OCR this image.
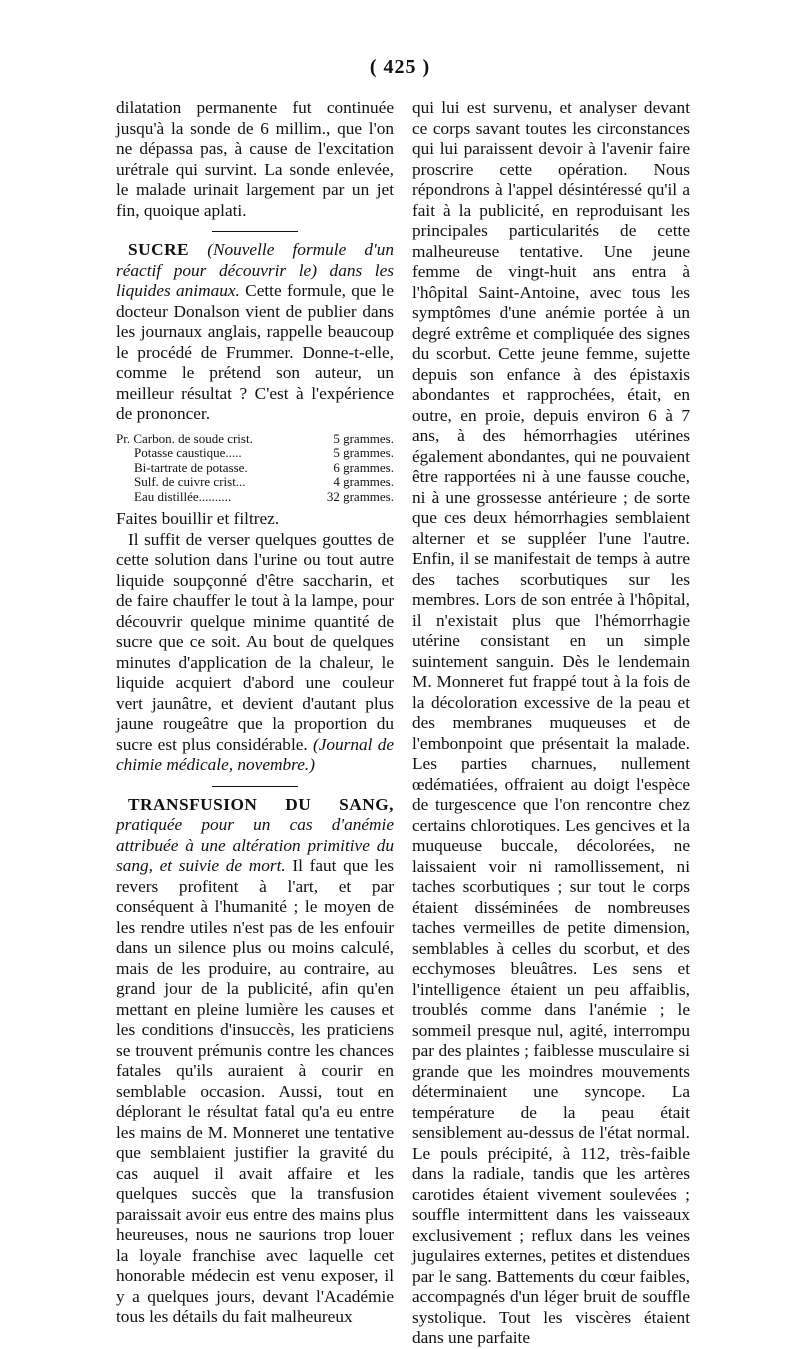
( 425 )

dilatation permanente fut continuée jusqu'à la sonde de 6 millim., que l'on ne dépassa pas, à cause de l'excitation urétrale qui survint. La sonde enlevée, le malade urinait largement par un jet fin, quoique aplati.

SUCRE (Nouvelle formule d'un réactif pour découvrir le) dans les liquides animaux. Cette formule, que le docteur Donalson vient de publier dans les journaux anglais, rappelle beaucoup le procédé de Frummer. Donne-t-elle, comme le prétend son auteur, un meilleur résultat ? C'est à l'expérience de prononcer.

Pr. Carbon. de soude crist.	5 grammes.
Potasse caustique.....	5 grammes.
Bi-tartrate de potasse.	6 grammes.
Sulf. de cuivre crist...	4 grammes.
Eau distillée..........	32 grammes.

Faites bouillir et filtrez.

Il suffit de verser quelques gouttes de cette solution dans l'urine ou tout autre liquide soupçonné d'être saccharin, et de faire chauffer le tout à la lampe, pour découvrir quelque minime quantité de sucre que ce soit. Au bout de quelques minutes d'application de la chaleur, le liquide acquiert d'abord une couleur vert jaunâtre, et devient d'autant plus jaune rougeâtre que la proportion du sucre est plus considérable. (Journal de chimie médicale, novembre.)

TRANSFUSION DU SANG, pratiquée pour un cas d'anémie attribuée à une altération primitive du sang, et suivie de mort. Il faut que les revers profitent à l'art, et par conséquent à l'humanité ; le moyen de les rendre utiles n'est pas de les enfouir dans un silence plus ou moins calculé, mais de les produire, au contraire, au grand jour de la publicité, afin qu'en mettant en pleine lumière les causes et les conditions d'insuccès, les praticiens se trouvent prémunis contre les chances fatales qu'ils auraient à courir en semblable occasion. Aussi, tout en déplorant le résultat fatal qu'a eu entre les mains de M. Monneret une tentative que semblaient justifier la gravité du cas auquel il avait affaire et les quelques succès que la transfusion paraissait avoir eus entre des mains plus heureuses, nous ne saurions trop louer la loyale franchise avec laquelle cet honorable médecin est venu exposer, il y a quelques jours, devant l'Académie tous les détails du fait malheureux

qui lui est survenu, et analyser devant ce corps savant toutes les circonstances qui lui paraissent devoir à l'avenir faire proscrire cette opération. Nous répondrons à l'appel désintéressé qu'il a fait à la publicité, en reproduisant les principales particularités de cette malheureuse tentative. Une jeune femme de vingt-huit ans entra à l'hôpital Saint-Antoine, avec tous les symptômes d'une anémie portée à un degré extrême et compliquée des signes du scorbut. Cette jeune femme, sujette depuis son enfance à des épistaxis abondantes et rapprochées, était, en outre, en proie, depuis environ 6 à 7 ans, à des hémorrhagies utérines également abondantes, qui ne pouvaient être rapportées ni à une fausse couche, ni à une grossesse antérieure ; de sorte que ces deux hémorrhagies semblaient alterner et se suppléer l'une l'autre. Enfin, il se manifestait de temps à autre des taches scorbutiques sur les membres. Lors de son entrée à l'hôpital, il n'existait plus que l'hémorrhagie utérine consistant en un simple suintement sanguin. Dès le lendemain M. Monneret fut frappé tout à la fois de la décoloration excessive de la peau et des membranes muqueuses et de l'embonpoint que présentait la malade. Les parties charnues, nullement œdématiées, offraient au doigt l'espèce de turgescence que l'on rencontre chez certains chlorotiques. Les gencives et la muqueuse buccale, décolorées, ne laissaient voir ni ramollissement, ni taches scorbutiques ; sur tout le corps étaient disséminées de nombreuses taches vermeilles de petite dimension, semblables à celles du scorbut, et des ecchymoses bleuâtres. Les sens et l'intelligence étaient un peu affaiblis, troublés comme dans l'anémie ; le sommeil presque nul, agité, interrompu par des plaintes ; faiblesse musculaire si grande que les moindres mouvements déterminaient une syncope. La température de la peau était sensiblement au-dessus de l'état normal. Le pouls précipité, à 112, très-faible dans la radiale, tandis que les artères carotides étaient vivement soulevées ; souffle intermittent dans les vaisseaux exclusivement ; reflux dans les veines jugulaires externes, petites et distendues par le sang. Battements du cœur faibles, accompagnés d'un léger bruit de souffle systolique. Tout les viscères étaient dans une parfaite
